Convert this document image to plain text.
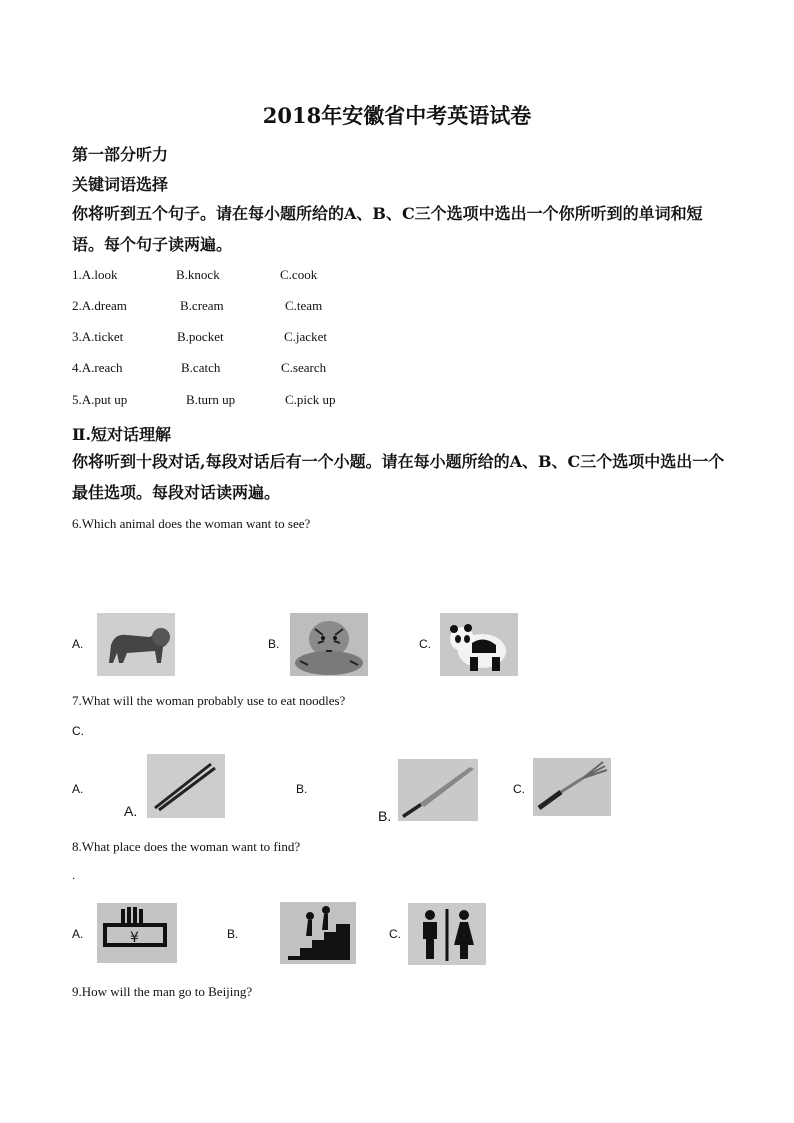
2018年安徽省中考英语试卷
第一部分听力
关键词语选择
你将听到五个句子。请在每小题所给的A、B、C三个选项中选出一个你所听到的单词和短语。每个句子读两遍。
1.A.look	B.knock	C.cook
2.A.dream	B.cream	C.team
3.A.ticket	B.pocket	C.jacket
4.A.reach	B.catch	C.search
5.A.put up	B.turn up	C.pick up
Ⅱ.短对话理解
你将听到十段对话,每段对话后有一个小题。请在每小题所给的A、B、C三个选项中选出一个最佳选项。每段对话读两遍。
6.Which animal does the woman want to see?
A.	B.	C.
7.What will the woman probably use to eat noodles?
C.
A.
A.
B.
B.
C.
8.What place does the woman want to find?
.
A.	¥	B.	C.
9.How will the man go to Beijing?
